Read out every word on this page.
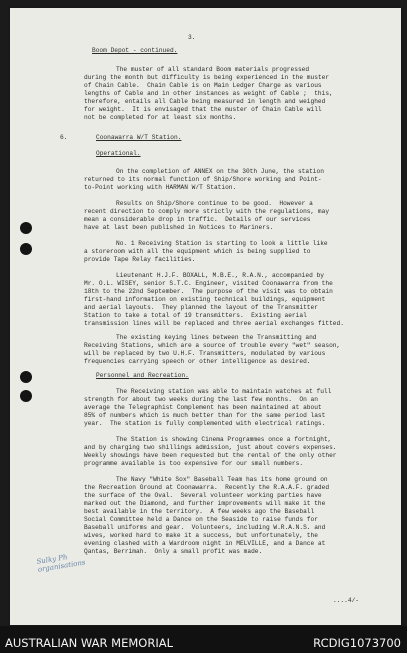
Boom Depot - continued.
The muster of all standard Boom materials progressed
during the month but difficulty is being experienced in the muster
of Chain Cable.  Chain Cable is on Main Ledger Charge as various
lengths of Cable and in other instances as weight of Cable ;  this,
therefore, entails all Cable being measured in length and weighed
for weight.  It is envisaged that the muster of Chain Cable will
not be completed for at least six months.
6.	Coonawarra W/T Station.
Operational.
On the completion of ANNEX on the 30th June, the station
returned to its normal function of Ship/Shore working and Point-
to-Point working with HARMAN W/T Station.
Results on Ship/Shore continue to be good.  However a
recent direction to comply more strictly with the regulations, may
mean a considerable drop in traffic.  Details of our services
have at last been published in Notices to Mariners.
No. 1 Receiving Station is starting to look a little like
a storeroom with all the equipment which is being supplied to
provide Tape Relay facilities.
Lieutenant H.J.F. BOXALL, M.B.E., R.A.N., accompanied by
Mr. O.L. WISEY, senior S.T.C. Engineer, visited Coonawarra from the
18th to the 22nd September.  The purpose of the visit was to obtain
first-hand information on existing technical buildings, equipment
and aerial layouts.  They planned the layout of the Transmitter
Station to take a total of 19 transmitters.  Existing aerial
transmission lines will be replaced and three aerial exchanges fitted.
The existing keying lines between the Transmitting and
Receiving Stations, which are a source of trouble every "wet" season,
will be replaced by two U.H.F. Transmitters, modulated by various
frequencies carrying speech or other intelligence as desired.
Personnel and Recreation.
The Receiving station was able to maintain watches at full
strength for about two weeks during the last few months.  On an
average the Telegraphist Complement has been maintained at about
85% of numbers which is much better than for the same period last
year.  The station is fully complemented with electrical ratings.
The Station is showing Cinema Programmes once a fortnight,
and by charging two shillings admission, just about covers expenses.
Weekly showings have been requested but the rental of the only other
programme available is too expensive for our small numbers.
The Navy "White Sox" Baseball Team has its home ground on
the Recreation Ground at Coonawarra.  Recently the R.A.A.F. graded
the surface of the Oval.  Several volunteer working parties have
marked out the Diamond, and further improvements will make it the
best available in the territory.  A few weeks ago the Baseball
Social Committee held a Dance on the Seaside to raise funds for
Baseball uniforms and gear.  Volunteers, including W.R.A.N.S. and
wives, worked hard to make it a success, but unfortunately, the
evening clashed with a Wardroom night in MELVILLE, and a Dance at
Qantas, Berrimah.  Only a small profit was made.
....4/-
3.
Sulky Ph
organisations
AUSTRALIAN WAR MEMORIAL	RCDIG1073700
